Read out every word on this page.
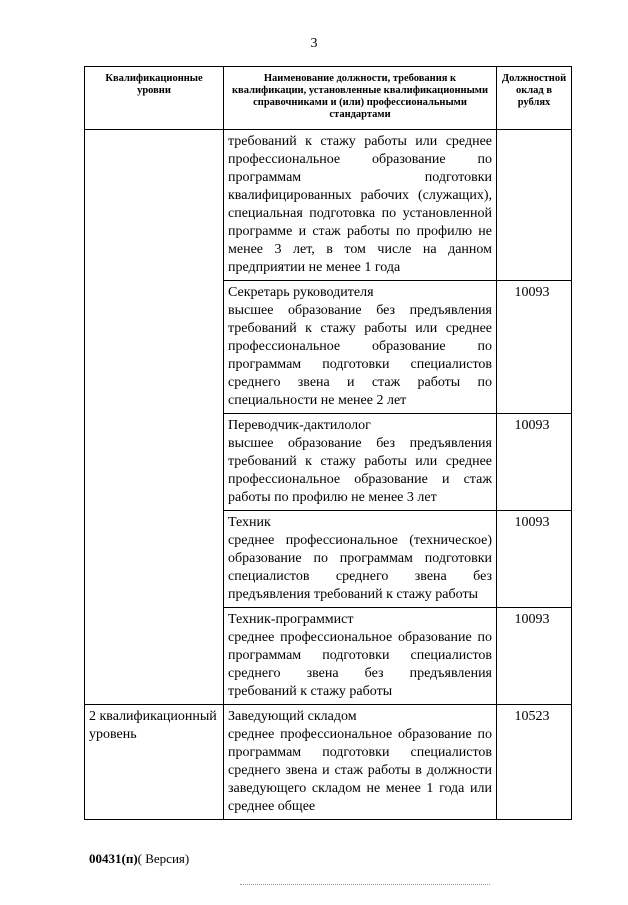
3
Квалификационные уровни	Наименование должности, требования к квалификации, установленные квалификационными справочниками и (или) профессиональными стандартами	Должностной оклад в рублях

	требований к стажу работы или среднее профессиональное образование по программам подготовки квалифицированных рабочих (служащих), специальная подготовка по установленной программе и стаж работы по профилю не менее 3 лет, в том числе на данном предприятии не менее 1 года	

	Секретарь руководителя
высшее образование без предъявления требований к стажу работы или среднее профессиональное образование по программам подготовки специалистов среднего звена и стаж работы по специальности не менее 2 лет	10093

	Переводчик-дактилолог
высшее образование без предъявления требований к стажу работы или среднее профессиональное образование и стаж работы по профилю не менее 3 лет	10093

	Техник
среднее профессиональное (техническое) образование по программам подготовки специалистов среднего звена без предъявления требований к стажу работы	10093

	Техник-программист
среднее профессиональное образование по программам подготовки специалистов среднего звена без предъявления требований к стажу работы	10093

2 квалификационный уровень	Заведующий складом
среднее профессиональное образование по программам подготовки специалистов среднего звена и стаж работы в должности заведующего складом не менее 1 года или среднее общее	10523
00431(п)( Версия)
